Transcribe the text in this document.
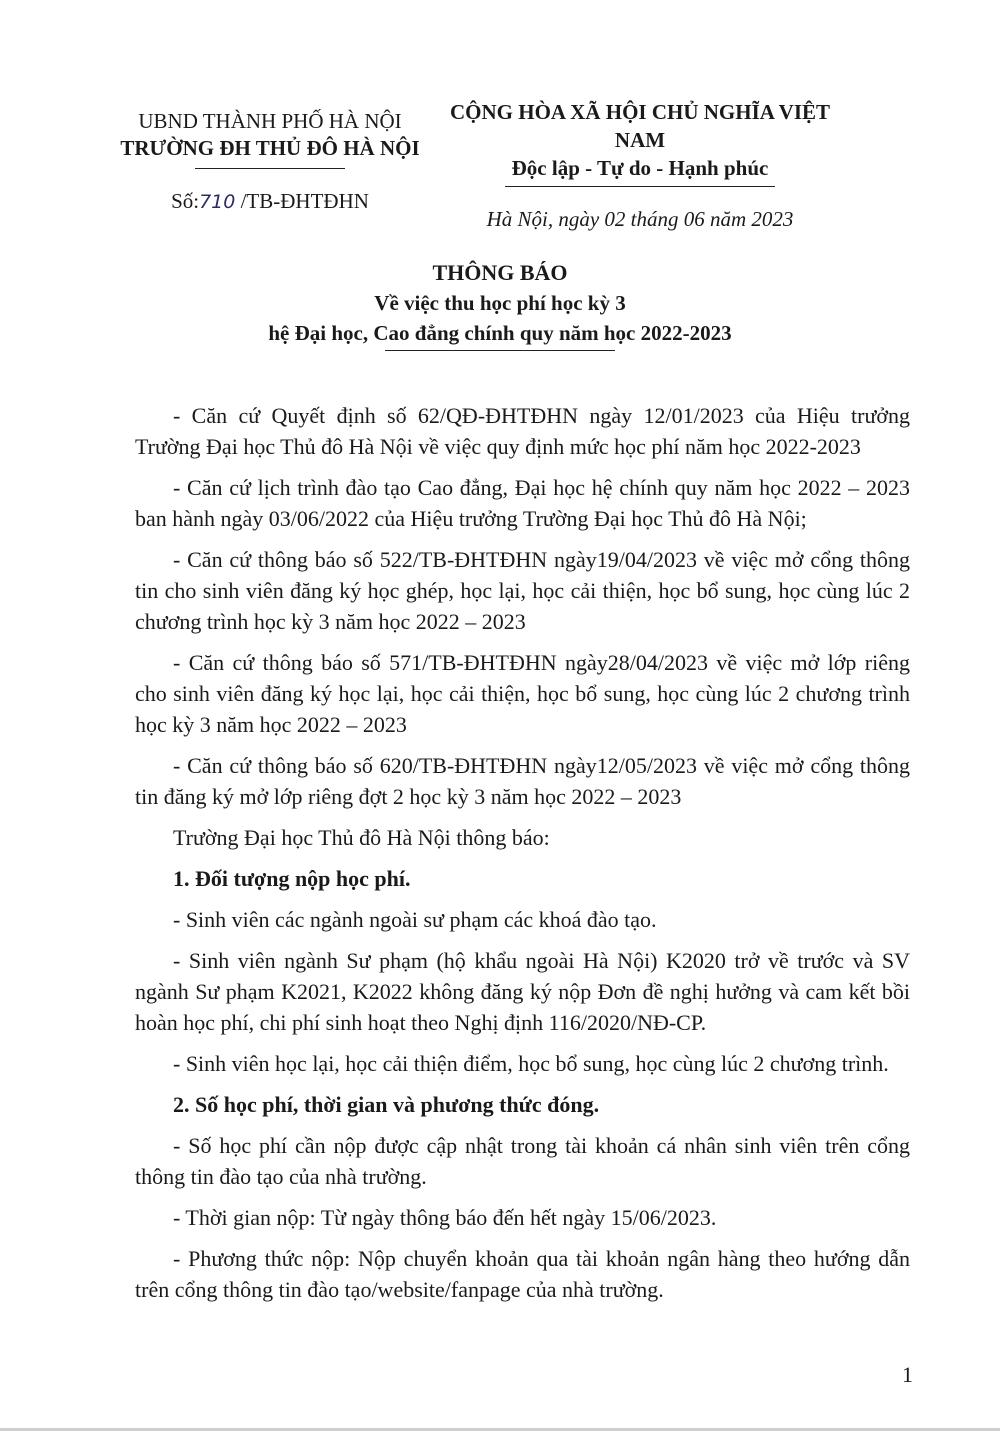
UBND THÀNH PHỐ HÀ NỘI
TRƯỜNG ĐH THỦ ĐÔ HÀ NỘI
Số:710 /TB-ĐHTĐHN
CỘNG HÒA XÃ HỘI CHỦ NGHĨA VIỆT NAM
Độc lập - Tự do - Hạnh phúc
Hà Nội, ngày 02 tháng 06 năm 2023
THÔNG BÁO
Về việc thu học phí học kỳ 3
hệ Đại học, Cao đẳng chính quy năm học 2022-2023

- Căn cứ Quyết định số 62/QĐ-ĐHTĐHN ngày 12/01/2023 của Hiệu trưởng Trường Đại học Thủ đô Hà Nội về việc quy định mức học phí năm học 2022-2023

- Căn cứ lịch trình đào tạo Cao đẳng, Đại học hệ chính quy năm học 2022 – 2023 ban hành ngày 03/06/2022 của Hiệu trưởng Trường Đại học Thủ đô Hà Nội;

- Căn cứ thông báo số 522/TB-ĐHTĐHN ngày19/04/2023 về việc mở cổng thông tin cho sinh viên đăng ký học ghép, học lại, học cải thiện, học bổ sung, học cùng lúc 2 chương trình học kỳ 3 năm học 2022 – 2023

- Căn cứ thông báo số 571/TB-ĐHTĐHN ngày28/04/2023 về việc mở lớp riêng cho sinh viên đăng ký học lại, học cải thiện, học bổ sung, học cùng lúc 2 chương trình học kỳ 3 năm học 2022 – 2023

- Căn cứ thông báo số 620/TB-ĐHTĐHN ngày12/05/2023 về việc mở cổng thông tin đăng ký mở lớp riêng đợt 2 học kỳ 3 năm học 2022 – 2023

Trường Đại học Thủ đô Hà Nội thông báo:

1. Đối tượng nộp học phí.

- Sinh viên các ngành ngoài sư phạm các khoá đào tạo.

- Sinh viên ngành Sư phạm (hộ khẩu ngoài Hà Nội) K2020 trở về trước và SV ngành Sư phạm K2021, K2022 không đăng ký nộp Đơn đề nghị hưởng và cam kết bồi hoàn học phí, chi phí sinh hoạt theo Nghị định 116/2020/NĐ-CP.

- Sinh viên học lại, học cải thiện điểm, học bổ sung, học cùng lúc 2 chương trình.

2. Số học phí, thời gian và phương thức đóng.

- Số học phí cần nộp được cập nhật trong tài khoản cá nhân sinh viên trên cổng thông tin đào tạo của nhà trường.

- Thời gian nộp: Từ ngày thông báo đến hết ngày 15/06/2023.

- Phương thức nộp: Nộp chuyển khoản qua tài khoản ngân hàng theo hướng dẫn trên cổng thông tin đào tạo/website/fanpage của nhà trường.

1
